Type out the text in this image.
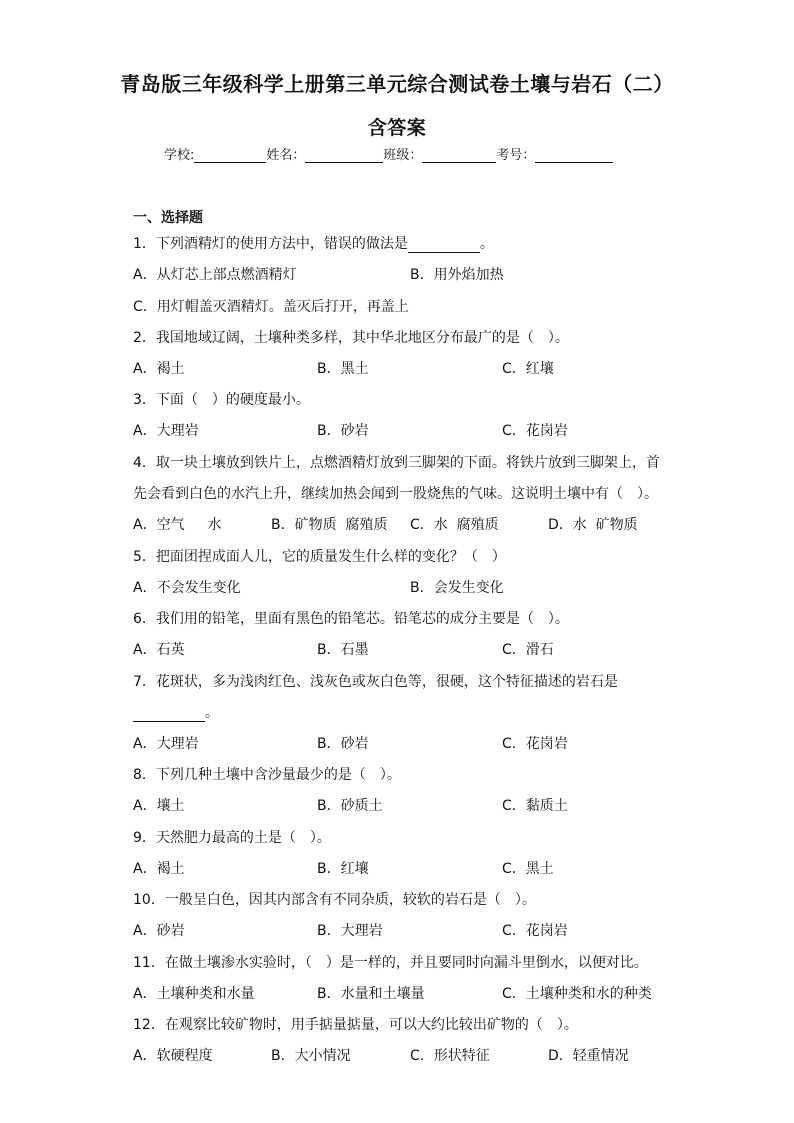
青岛版三年级科学上册第三单元综合测试卷土壤与岩石（二）
含答案
学校:	姓名：	班级：	考号：
一、选择题
1．下列酒精灯的使用方法中，错误的做法是	。
A．从灯芯上部点燃酒精灯	B．用外焰加热
C．用灯帽盖灭酒精灯。盖灭后打开，再盖上
2．我国地域辽阔，土壤种类多样，其中华北地区分布最广的是（　）。
A．褐土	B．黑土	C．红壤
3．下面（　）的硬度最小。
A．大理岩	B．砂岩	C．花岗岩
4．取一块土壤放到铁片上，点燃酒精灯放到三脚架的下面。将铁片放到三脚架上，首
先会看到白色的水汽上升，继续加热会闻到一股烧焦的气味。这说明土壤中有（　）。
A．空气　  水	B．矿物质  腐殖质 C．水  腐殖质	D．水  矿物质
5．把面团捏成面人儿，它的质量发生什么样的变化？（　）
A．不会发生变化	B．会发生变化
6．我们用的铅笔，里面有黑色的铅笔芯。铅笔芯的成分主要是（　）。
A．石英	B．石墨	C．滑石
7．花斑状，多为浅肉红色、浅灰色或灰白色等，很硬，这个特征描述的岩石是
。
A．大理岩	B．砂岩	C．花岗岩
8．下列几种土壤中含沙量最少的是（　）。
A．壤土	B．砂质土	C．黏质土
9．天然肥力最高的土是（　）。
A．褐土	B．红壤	C．黑土
10．一般呈白色，因其内部含有不同杂质，较软的岩石是（　）。
A．砂岩	B．大理岩	C．花岗岩
11．在做土壤渗水实验时，（　）是一样的，并且要同时向漏斗里倒水，以便对比。
A．土壤种类和水量	B．水量和土壤量	C．土壤种类和水的种类
12．在观察比较矿物时，用手掂量掂量，可以大约比较出矿物的（　）。
A．软硬程度	B．大小情况	C．形状特征	D．轻重情况
